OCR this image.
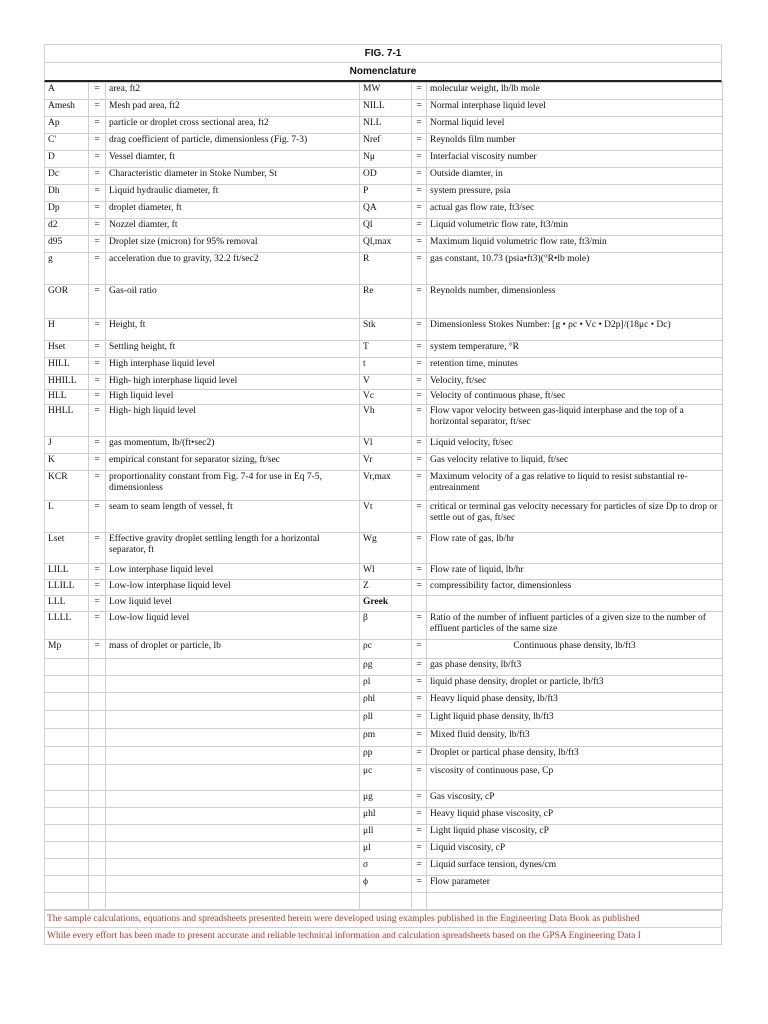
FIG. 7-1
Nomenclature
A	=	area, ft2	MW	=	molecular weight, lb/lb mole
Amesh	=	Mesh pad area, ft2	NILL	=	Normal interphase liquid level
Ap	=	particle or droplet cross sectional area, ft2	NLL	=	Normal liquid level
C'	=	drag coefficient of particle, dimensionless (Fig. 7-3)	Nref	=	Reynolds film number
D	=	Vessel diamter, ft	Nμ	=	Interfacial viscosity number
Dc	=	Characteristic diameter in Stoke Number, St	OD	=	Outside diamter, in
Dh	=	Liquid hydraulic diameter, ft	P	=	system pressure, psia
Dp	=	droplet diameter, ft	QA	=	actual gas flow rate, ft3/sec
d2	=	Nozzel diamter, ft	Ql	=	Liquid volumetric flow rate, ft3/min
d95	=	Droplet size (micron) for 95% removal	Ql,max	=	Maximum liquid volumetric flow rate, ft3/min
g	=	acceleration due to gravity, 32.2 ft/sec2	R	=	gas constant, 10.73 (psia•ft3)(°R•lb mole)
GOR	=	Gas-oil ratio	Re	=	Reynolds number, dimensionless
H	=	Height, ft	Stk	=	Dimensionless Stokes Number: [g • ρc • Vc • D2p]/(18μc • Dc)
Hset	=	Settling height, ft	T	=	system temperature, °R
HILL	=	High interphase liquid level	t	=	retention time, minutes
HHILL	=	High- high interphase liquid level	V	=	Velocity, ft/sec
HLL	=	High liquid level	Vc	=	Velocity of continuous phase, ft/sec
HHLL	=	High- high liquid level	Vh	=	Flow vapor velocity between gas-liquid interphase and the top of a horizontal separator, ft/sec
J	=	gas momentum, lb/(ft•sec2)	Vl	=	Liquid velocity, ft/sec
K	=	empirical constant for separator sizing, ft/sec	Vr	=	Gas velocity relative to liquid, ft/sec
KCR	=	proportionality constant from Fig. 7-4 for use in Eq 7-5, dimensionless	Vr,max	=	Maximum velocity of a gas relative to liquid to resist substantial re-entreainment
L	=	seam to seam length of vessel, ft	Vt	=	critical or terminal gas velocity necessary for particles of size Dp to drop or settle out of gas, ft/sec
Lset	=	Effective gravity droplet settling length for a horizontal separator, ft	Wg	=	Flow rate of gas, lb/hr
LILL	=	Low interphase liquid level	Wl	=	Flow rate of liquid, lb/hr
LLILL	=	Low-low interphase liquid level	Z	=	compressibility factor, dimensionless
LLL	=	Low liquid level	Greek		
LLLL	=	Low-low liquid level	β	=	Ratio of the number of influent particles of a given size to the number of effluent particles of the same size
Mp	=	mass of droplet or particle, lb	ρc	=	Continuous phase density, lb/ft3
			ρg	=	gas phase density, lb/ft3
			ρl	=	liquid phase density, droplet or particle, lb/ft3
			ρhl	=	Heavy liquid phase density, lb/ft3
			ρll	=	Light liquid phase density, lb/ft3
			ρm	=	Mixed fluid density, lb/ft3
			ρp	=	Droplet or partical phase density, lb/ft3
			μc	=	viscosity of continuous pase, Cp
			μg	=	Gas viscosity, cP
			μhl	=	Heavy liquid phase viscosity, cP
			μll	=	Light liquid phase viscosity, cP
			μl	=	Liquid viscosity, cP
			σ	=	Liquid surface tension, dynes/cm
			ϕ	=	Flow parameter

The sample calculations, equations and spreadsheets presented herein were developed using examples published in the Engineering Data Book as published
While every effort has been made to present accurate and reliable technical information and calculation spreadsheets based on the GPSA Engineering Data I
